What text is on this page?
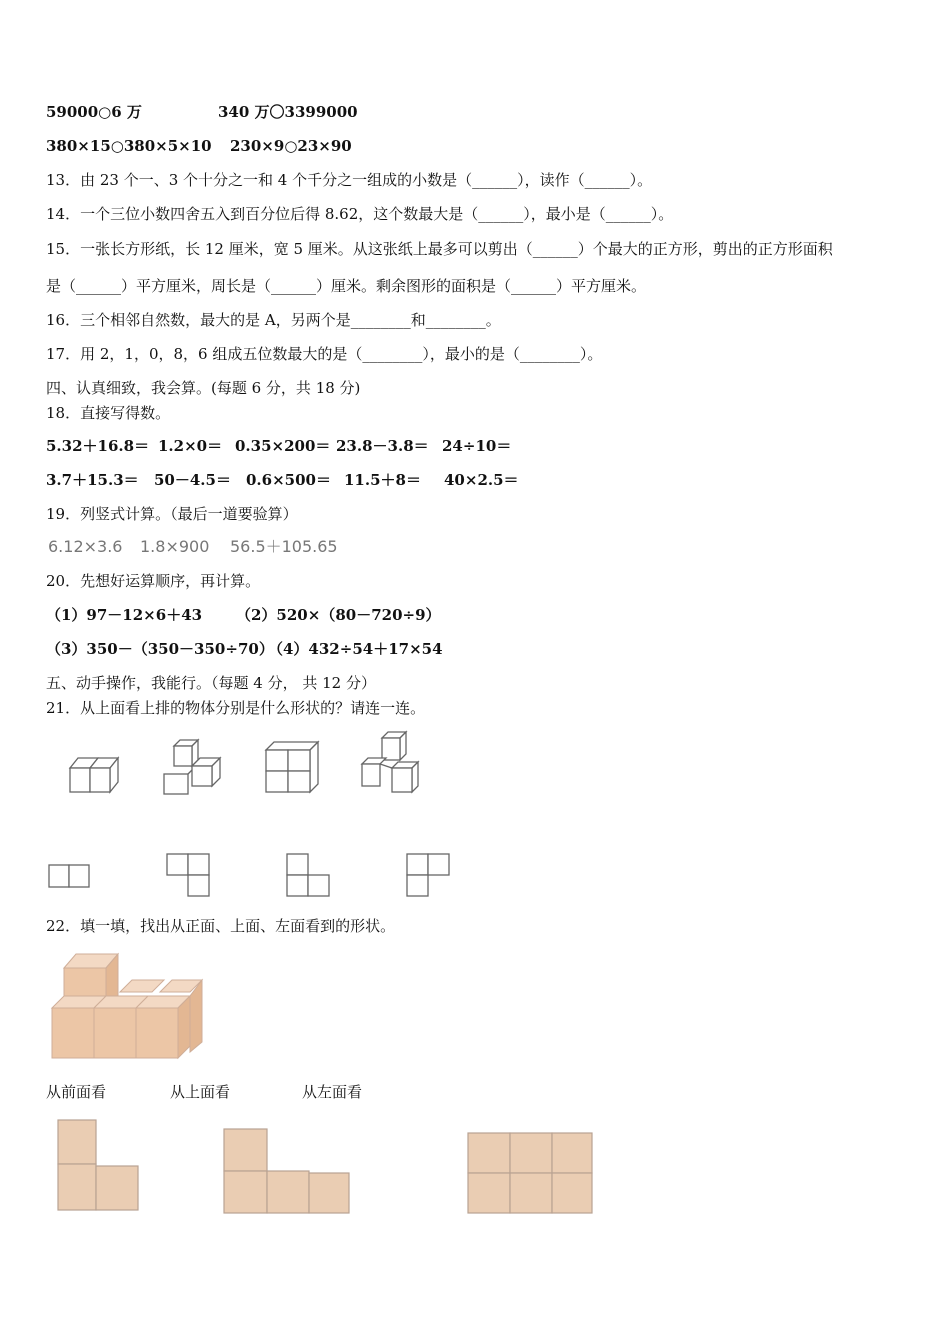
59000○6 万	340 万〇3399000
380×15○380×5×10 230×9○23×90
13．由 23 个一、3 个十分之一和 4 个千分之一组成的小数是（______），读作（______）。
14．一个三位小数四舍五入到百分位后得 8.62，这个数最大是（______），最小是（______）。
15．一张长方形纸，长 12 厘米，宽 5 厘米。从这张纸上最多可以剪出（______）个最大的正方形，剪出的正方形面积
是（______）平方厘米，周长是（______）厘米。剩余图形的面积是（______）平方厘米。
16．三个相邻自然数，最大的是 A，另两个是________和________。
17．用 2，1，0，8，6 组成五位数最大的是（________），最小的是（________）。
四、认真细致，我会算。(每题 6 分，共 18 分)
18．直接写得数。
5.32＋16.8＝ 1.2×0＝ 0.35×200＝ 23.8－3.8＝ 24÷10＝
3.7＋15.3＝ 50－4.5＝ 0.6×500＝ 11.5＋8＝ 40×2.5＝
19．列竖式计算。（最后一道要验算）
6.12×3.6 1.8×900 56.5＋105.65
20．先想好运算顺序，再计算。
（1）97－12×6＋43 （2）520×（80－720÷9）
（3）350－（350－350÷70）
（4）432÷54＋17×54
五、动手操作，我能行。（每题 4 分， 共 12 分）
21．从上面看上排的物体分别是什么形状的？请连一连。
22．填一填，找出从正面、上面、左面看到的形状。
从前面看	从上面看	从左面看
